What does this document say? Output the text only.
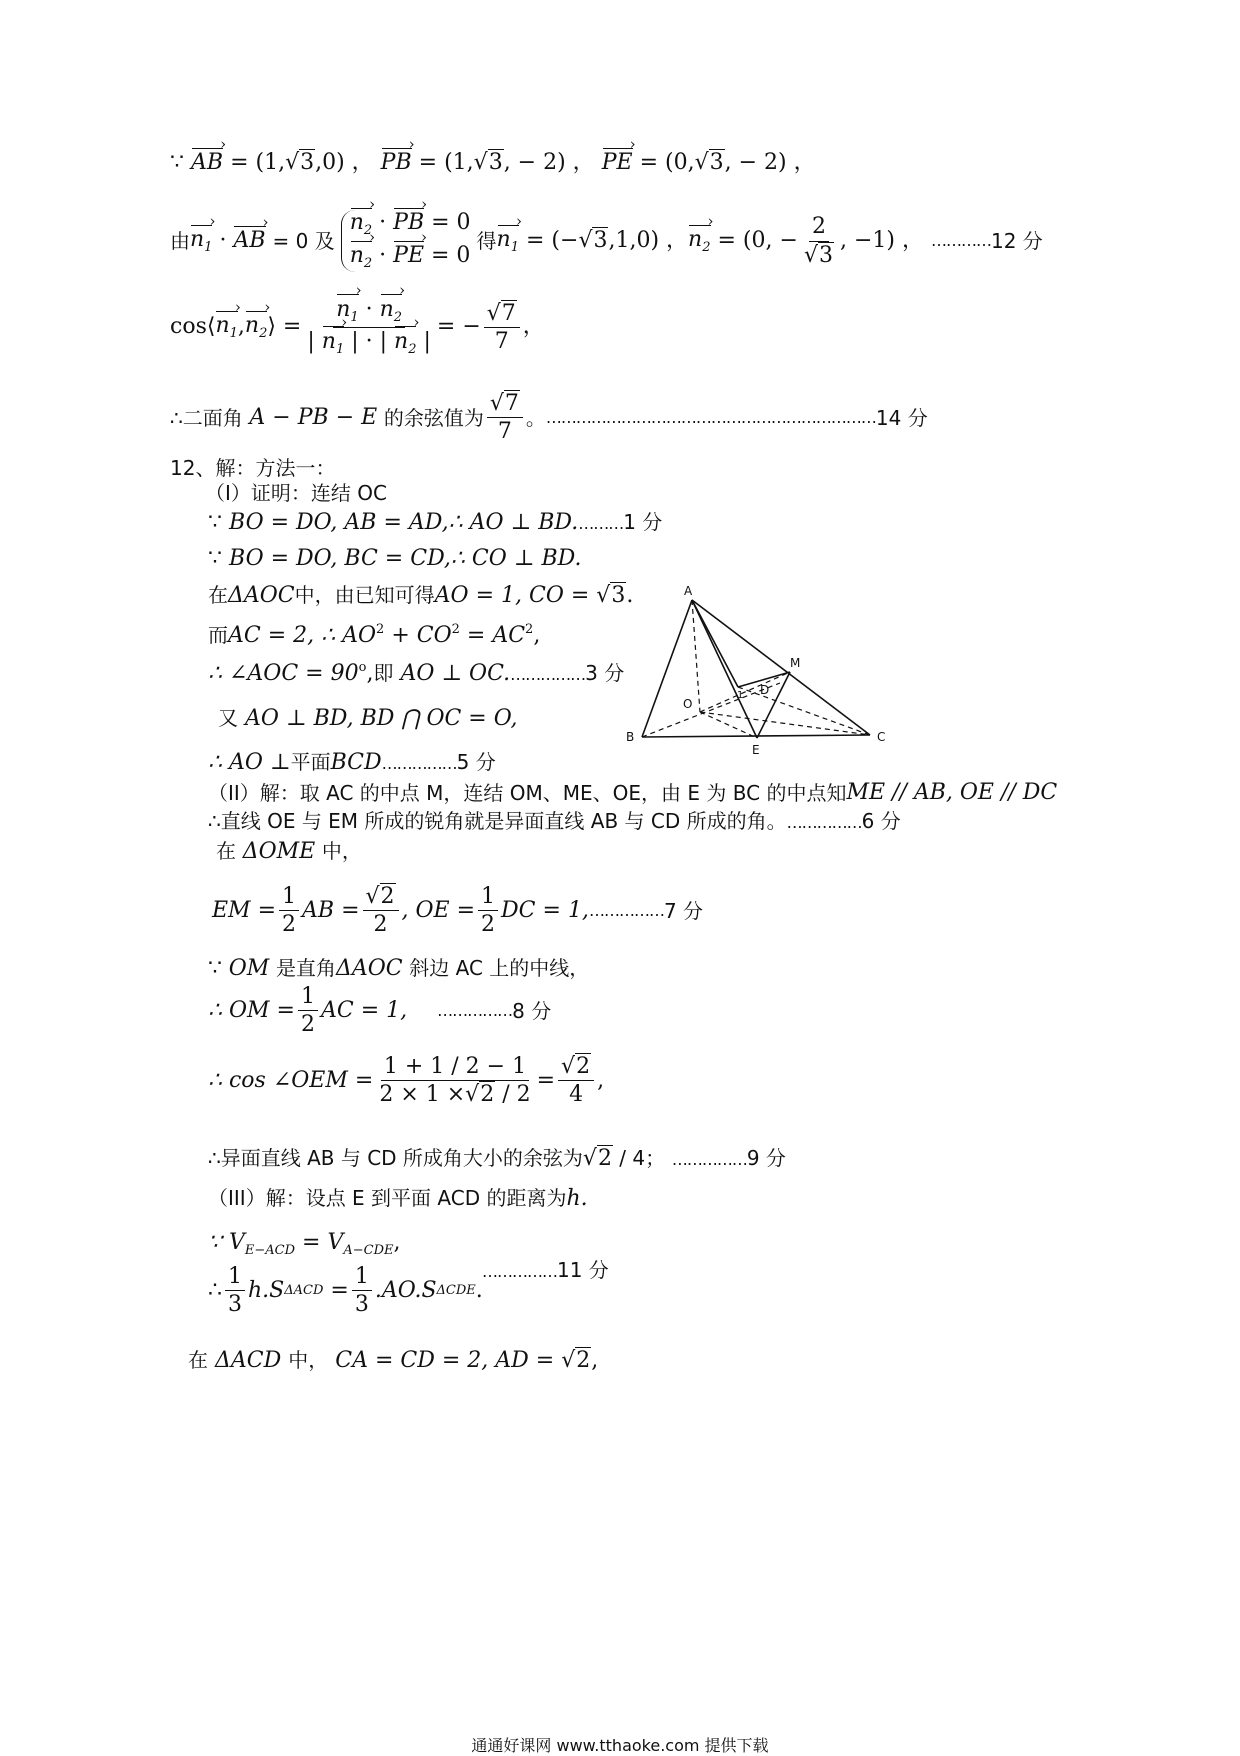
∵ AB › = (1,√3,0) ， PB › = (1,√3, − 2) ， PE › = (0,√3, − 2) ，
由 $n_1$ › · AB ›
= 0 及
$n_2$ › · PB › = 0
$n_2$ › · PE › = 0
得 $n_1$ ›
= (− √3 ,1,0) ， $n_2$ ›
= (0, − $\frac{2}{√3}$ , −1) ，
………… 12 分
cos⟨ $n_1$ › , $n_2$ › ⟩ = $\frac{n_1 › \cdot n_2 ›}{| n_1 › | \cdot | n_2 › |}$ = − $\frac{√7}{7}$ ，
∴二面角
A − PB − E
的余弦值为 $\frac{√7}{7}$ 。 ………………………………………………………… 14 分
12、解：方法一：
（I）证明：连结 OC
∵ BO = DO, AB = AD,∴ AO ⊥ BD.………1 分
∵ BO = DO, BC = CD,∴ CO ⊥ BD.
在ΔAOC中，由已知可得AO = 1, CO = √3.
而AC = 2, ∴ $AO^2 + CO^2 = AC^2$,
∴ ∠AOC = $90^o$,即 AO ⊥ OC.……………3 分
又 AO ⊥ BD, BD ⋂ OC = O,
∴ AO ⊥平面BCD……………5 分
A
B	C
D
E
M
O
1
（II）解：取 AC 的中点 M，连结 OM、ME、OE，由 E 为 BC 的中点知 ME // AB, OE // DC
∴直线 OE 与 EM 所成的锐角就是异面直线 AB 与 CD 所成的角。……………6 分
在 ΔOME 中，
EM = $\frac{1}{2}$ AB = $\frac{√2}{2}$ , OE = $\frac{1}{2}$ DC = 1, …………… 7 分
∵ OM 是直角ΔAOC 斜边 AC 上的中线，
∴ OM = $\frac{1}{2}$ AC = 1, …………… 8 分
∴ cos ∠OEM = $\frac{1 + 1 / 2 - 1}{2 \times 1 \times√2 / 2} = \frac{√2}{4}$ ,
∴异面直线 AB 与 CD 所成角大小的余弦为√2 / 4； ……………9 分
（III）解：设点 E 到平面 ACD 的距离为h.
∵ $V_{E-ACD} = V_{A-CDE}$,
∴ $\frac{1}{3} h.S$ ΔACD
= $\frac{1}{3} .AO.S$ ΔCDE .
……………11 分
在 ΔACD 中， CA = CD = 2, AD = √2,
通通好课网 www.tthaoke.com 提供下载
